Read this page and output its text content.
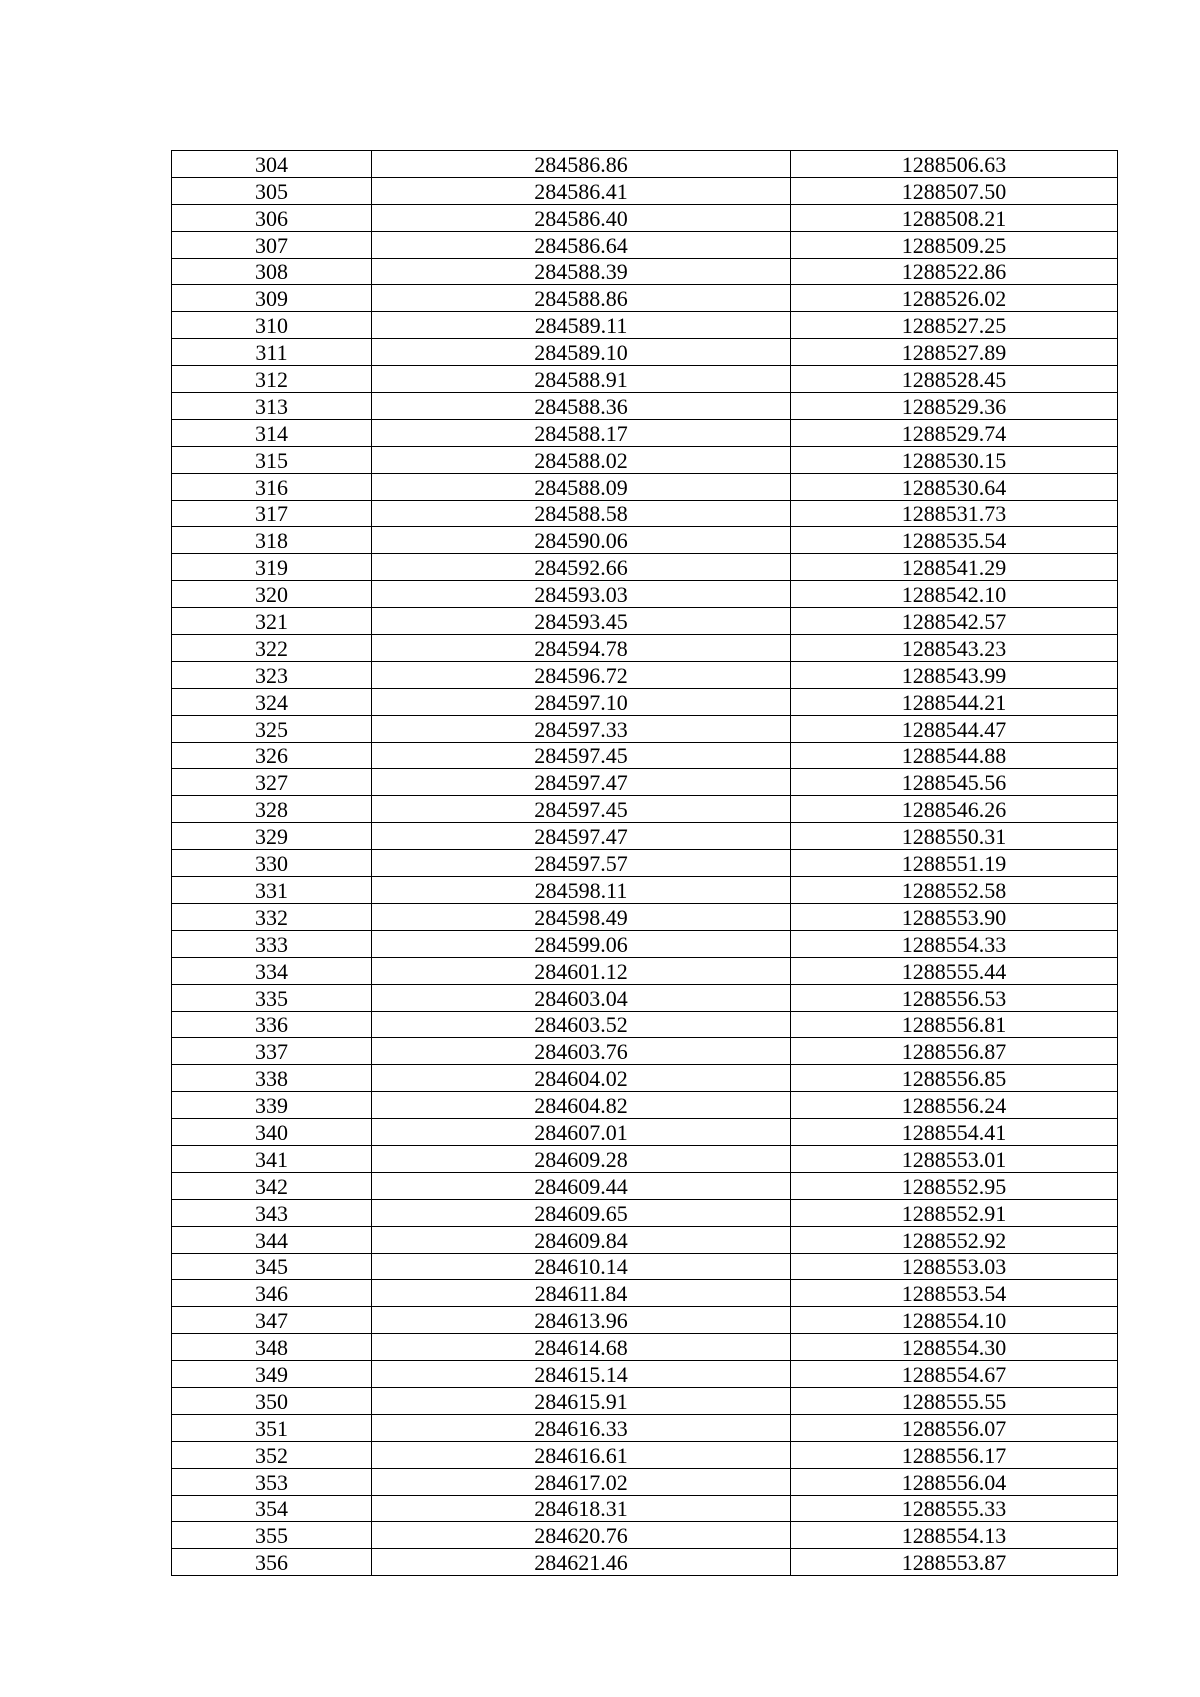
304	284586.86	1288506.63
305	284586.41	1288507.50
306	284586.40	1288508.21
307	284586.64	1288509.25
308	284588.39	1288522.86
309	284588.86	1288526.02
310	284589.11	1288527.25
311	284589.10	1288527.89
312	284588.91	1288528.45
313	284588.36	1288529.36
314	284588.17	1288529.74
315	284588.02	1288530.15
316	284588.09	1288530.64
317	284588.58	1288531.73
318	284590.06	1288535.54
319	284592.66	1288541.29
320	284593.03	1288542.10
321	284593.45	1288542.57
322	284594.78	1288543.23
323	284596.72	1288543.99
324	284597.10	1288544.21
325	284597.33	1288544.47
326	284597.45	1288544.88
327	284597.47	1288545.56
328	284597.45	1288546.26
329	284597.47	1288550.31
330	284597.57	1288551.19
331	284598.11	1288552.58
332	284598.49	1288553.90
333	284599.06	1288554.33
334	284601.12	1288555.44
335	284603.04	1288556.53
336	284603.52	1288556.81
337	284603.76	1288556.87
338	284604.02	1288556.85
339	284604.82	1288556.24
340	284607.01	1288554.41
341	284609.28	1288553.01
342	284609.44	1288552.95
343	284609.65	1288552.91
344	284609.84	1288552.92
345	284610.14	1288553.03
346	284611.84	1288553.54
347	284613.96	1288554.10
348	284614.68	1288554.30
349	284615.14	1288554.67
350	284615.91	1288555.55
351	284616.33	1288556.07
352	284616.61	1288556.17
353	284617.02	1288556.04
354	284618.31	1288555.33
355	284620.76	1288554.13
356	284621.46	1288553.87
